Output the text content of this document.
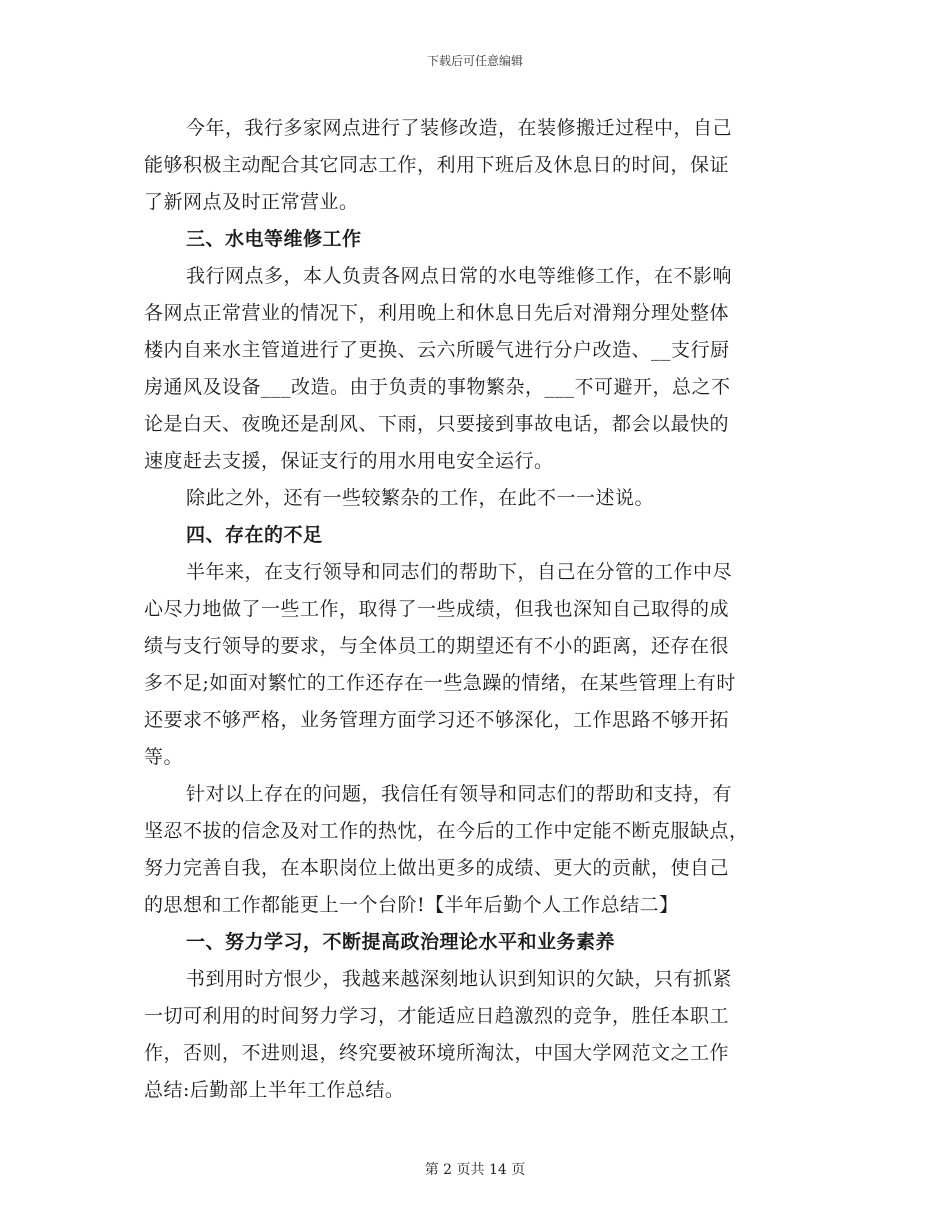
下载后可任意编辑
今年，我行多家网点进行了装修改造，在装修搬迁过程中，自己
能够积极主动配合其它同志工作，利用下班后及休息日的时间，保证
了新网点及时正常营业。
三、水电等维修工作
我行网点多，本人负责各网点日常的水电等维修工作，在不影响
各网点正常营业的情况下，利用晚上和休息日先后对滑翔分理处整体
楼内自来水主管道进行了更换、云六所暖气进行分户改造、__支行厨
房通风及设备___改造。由于负责的事物繁杂，___不可避开，总之不
论是白天、夜晚还是刮风、下雨，只要接到事故电话，都会以最快的
速度赶去支援，保证支行的用水用电安全运行。
除此之外，还有一些较繁杂的工作，在此不一一述说。
四、存在的不足
半年来，在支行领导和同志们的帮助下，自己在分管的工作中尽
心尽力地做了一些工作，取得了一些成绩，但我也深知自己取得的成
绩与支行领导的要求，与全体员工的期望还有不小的距离，还存在很
多不足;如面对繁忙的工作还存在一些急躁的情绪，在某些管理上有时
还要求不够严格，业务管理方面学习还不够深化，工作思路不够开拓
等。
针对以上存在的问题，我信任有领导和同志们的帮助和支持，有
坚忍不拔的信念及对工作的热忱，在今后的工作中定能不断克服缺点，
努力完善自我，在本职岗位上做出更多的成绩、更大的贡献，使自己
的思想和工作都能更上一个台阶!【半年后勤个人工作总结二】
一、努力学习，不断提高政治理论水平和业务素养
书到用时方恨少，我越来越深刻地认识到知识的欠缺，只有抓紧
一切可利用的时间努力学习，才能适应日趋激烈的竞争，胜任本职工
作，否则，不进则退，终究要被环境所淘汰，中国大学网范文之工作
总结:后勤部上半年工作总结。
第 2 页共 14 页
